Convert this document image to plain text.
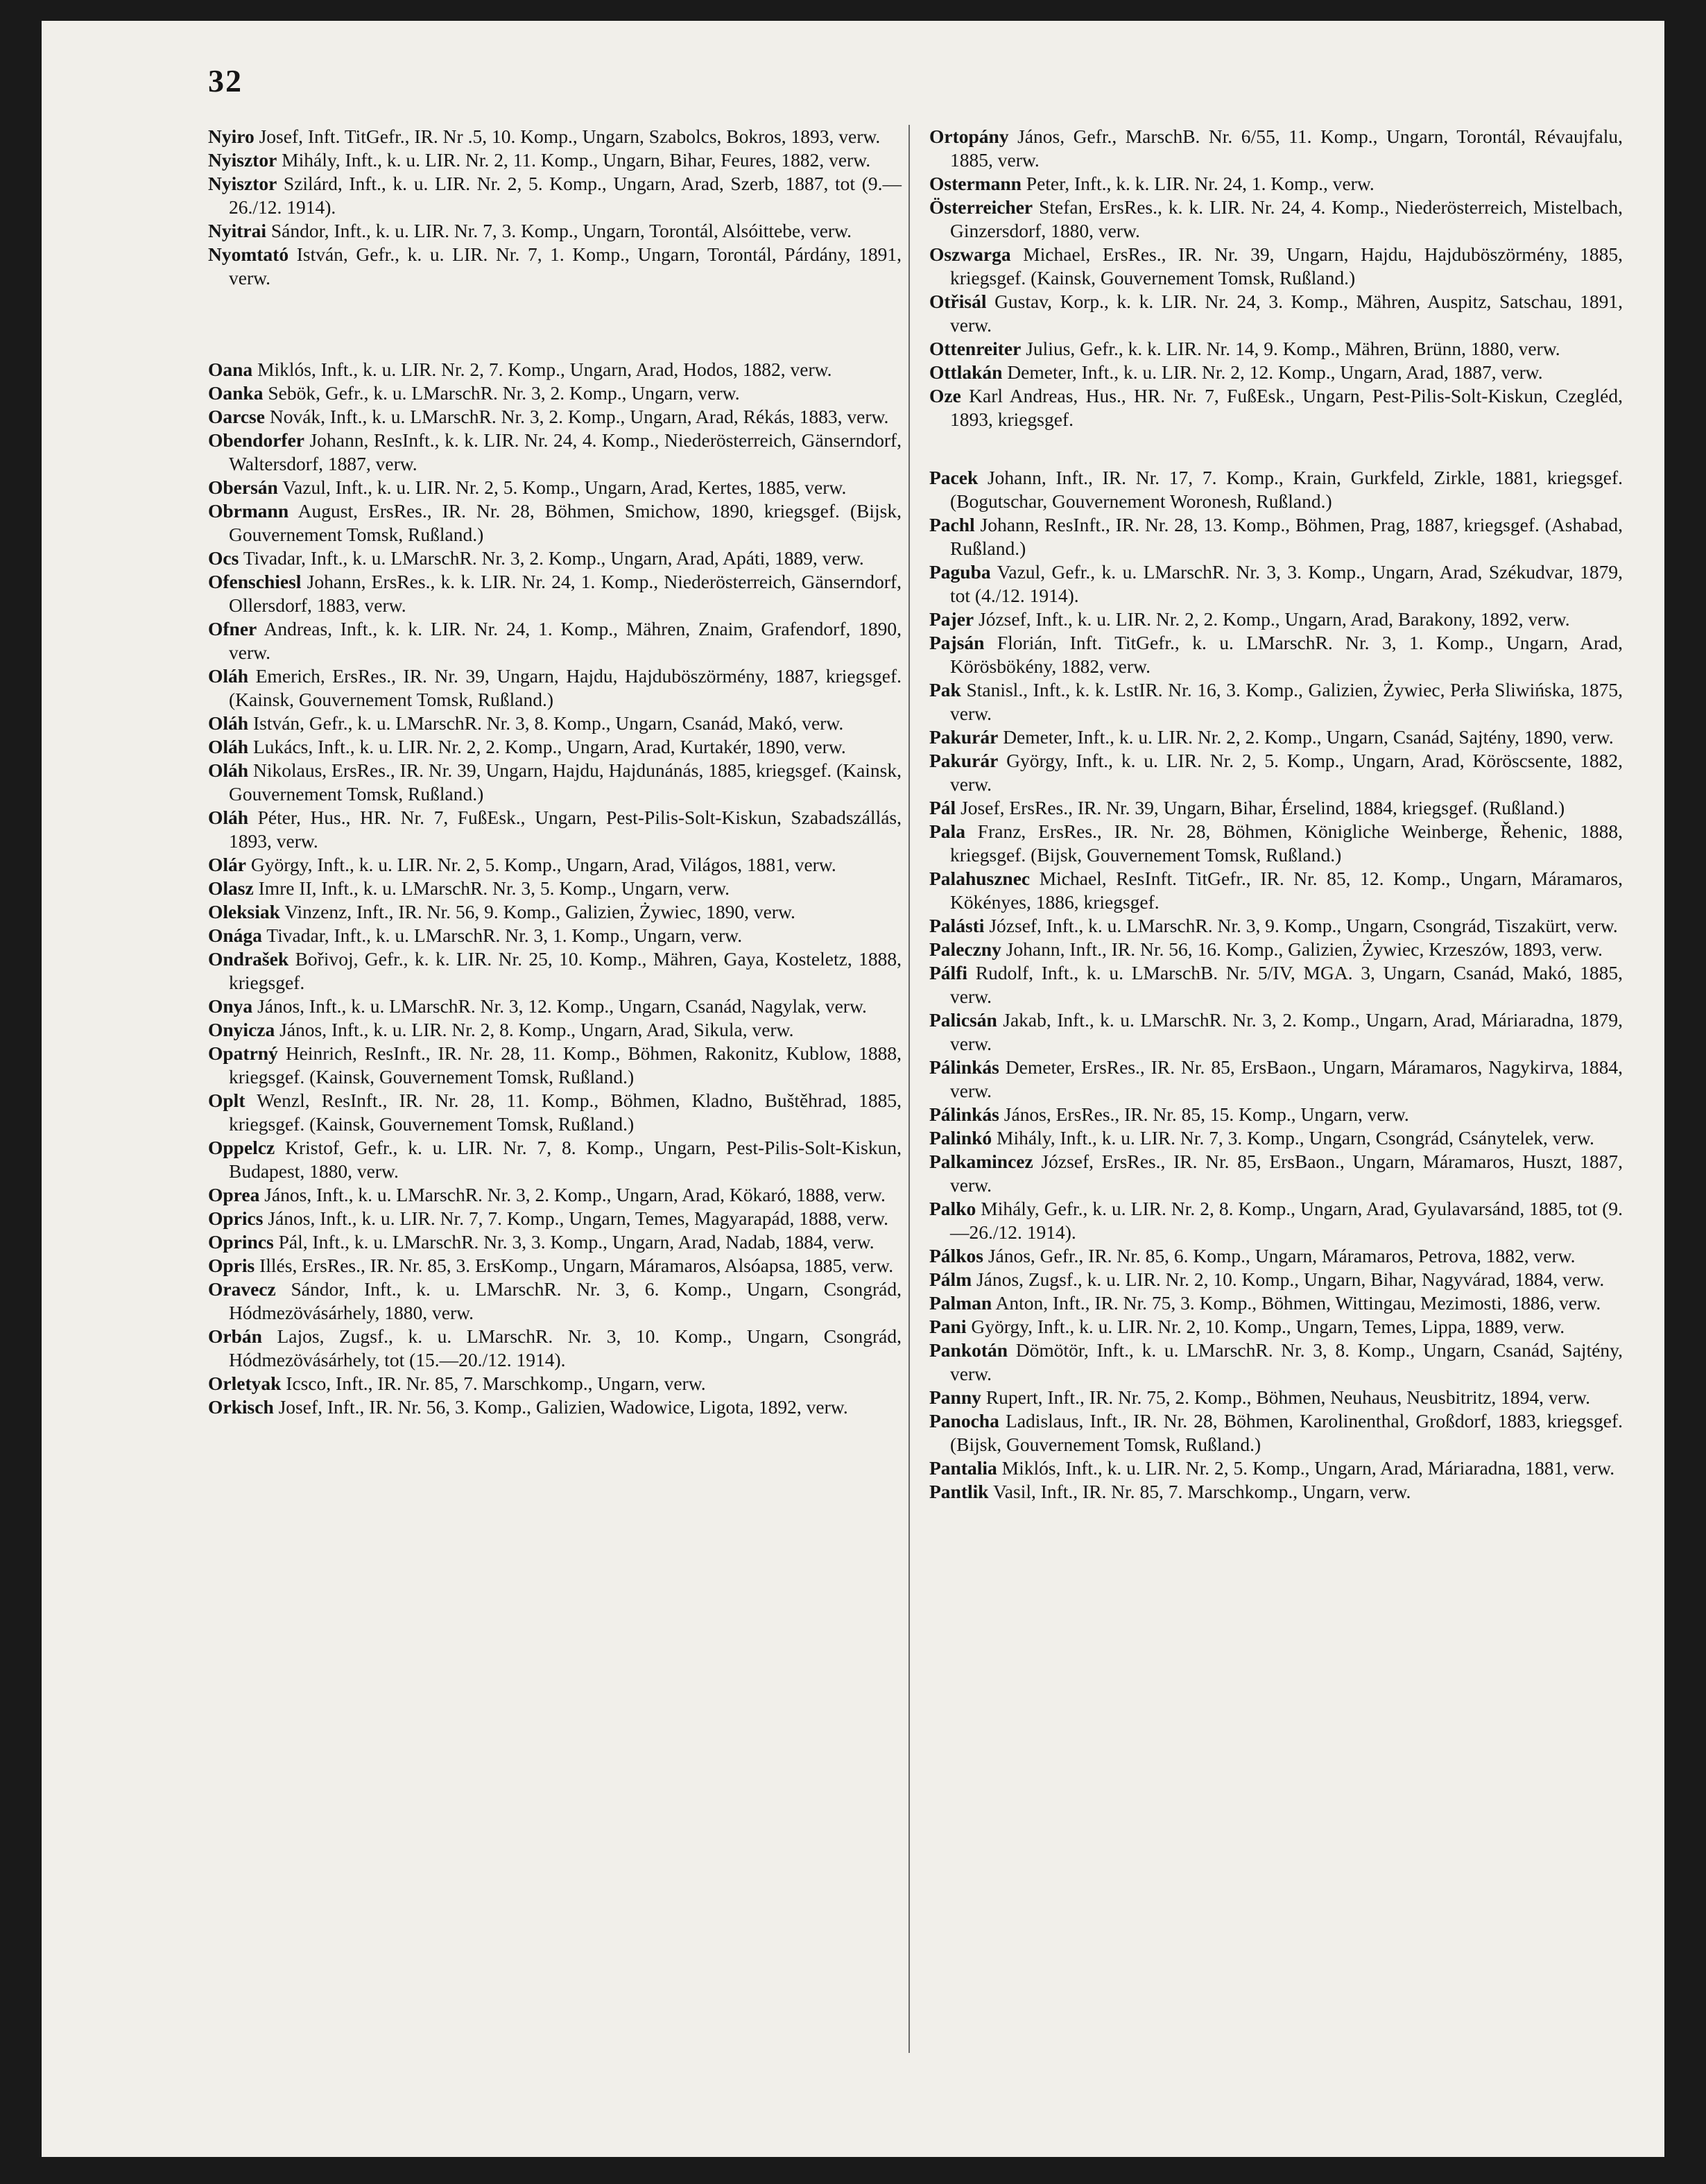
32

Nyiro Josef, Inft. TitGefr., IR. Nr .5, 10. Komp., Ungarn, Szabolcs, Bokros, 1893, verw.

Nyisztor Mihály, Inft., k. u. LIR. Nr. 2, 11. Komp., Ungarn, Bihar, Feures, 1882, verw.

Nyisztor Szilárd, Inft., k. u. LIR. Nr. 2, 5. Komp., Ungarn, Arad, Szerb, 1887, tot (9.—26./12. 1914).

Nyitrai Sándor, Inft., k. u. LIR. Nr. 7, 3. Komp., Ungarn, Torontál, Alsóittebe, verw.

Nyomtató István, Gefr., k. u. LIR. Nr. 7, 1. Komp., Ungarn, Torontál, Párdány, 1891, verw.

Oana Miklós, Inft., k. u. LIR. Nr. 2, 7. Komp., Ungarn, Arad, Hodos, 1882, verw.

Oanka Sebök, Gefr., k. u. LMarschR. Nr. 3, 2. Komp., Ungarn, verw.

Oarcse Novák, Inft., k. u. LMarschR. Nr. 3, 2. Komp., Ungarn, Arad, Rékás, 1883, verw.

Obendorfer Johann, ResInft., k. k. LIR. Nr. 24, 4. Komp., Niederösterreich, Gänserndorf, Waltersdorf, 1887, verw.

Obersán Vazul, Inft., k. u. LIR. Nr. 2, 5. Komp., Ungarn, Arad, Kertes, 1885, verw.

Obrmann August, ErsRes., IR. Nr. 28, Böhmen, Smichow, 1890, kriegsgef. (Bijsk, Gouvernement Tomsk, Rußland.)

Ocs Tivadar, Inft., k. u. LMarschR. Nr. 3, 2. Komp., Ungarn, Arad, Apáti, 1889, verw.

Ofenschiesl Johann, ErsRes., k. k. LIR. Nr. 24, 1. Komp., Niederösterreich, Gänserndorf, Ollersdorf, 1883, verw.

Ofner Andreas, Inft., k. k. LIR. Nr. 24, 1. Komp., Mähren, Znaim, Grafendorf, 1890, verw.

Oláh Emerich, ErsRes., IR. Nr. 39, Ungarn, Hajdu, Hajduböszörmény, 1887, kriegsgef. (Kainsk, Gouvernement Tomsk, Rußland.)

Oláh István, Gefr., k. u. LMarschR. Nr. 3, 8. Komp., Ungarn, Csanád, Makó, verw.

Oláh Lukács, Inft., k. u. LIR. Nr. 2, 2. Komp., Ungarn, Arad, Kurtakér, 1890, verw.

Oláh Nikolaus, ErsRes., IR. Nr. 39, Ungarn, Hajdu, Hajdunánás, 1885, kriegsgef. (Kainsk, Gouvernement Tomsk, Rußland.)

Oláh Péter, Hus., HR. Nr. 7, FußEsk., Ungarn, Pest-Pilis-Solt-Kiskun, Szabadszállás, 1893, verw.

Olár György, Inft., k. u. LIR. Nr. 2, 5. Komp., Ungarn, Arad, Világos, 1881, verw.

Olasz Imre II, Inft., k. u. LMarschR. Nr. 3, 5. Komp., Ungarn, verw.

Oleksiak Vinzenz, Inft., IR. Nr. 56, 9. Komp., Galizien, Żywiec, 1890, verw.

Onága Tivadar, Inft., k. u. LMarschR. Nr. 3, 1. Komp., Ungarn, verw.

Ondrašek Bořivoj, Gefr., k. k. LIR. Nr. 25, 10. Komp., Mähren, Gaya, Kosteletz, 1888, kriegsgef.

Onya János, Inft., k. u. LMarschR. Nr. 3, 12. Komp., Ungarn, Csanád, Nagylak, verw.

Onyicza János, Inft., k. u. LIR. Nr. 2, 8. Komp., Ungarn, Arad, Sikula, verw.

Opatrný Heinrich, ResInft., IR. Nr. 28, 11. Komp., Böhmen, Rakonitz, Kublow, 1888, kriegsgef. (Kainsk, Gouvernement Tomsk, Rußland.)

Oplt Wenzl, ResInft., IR. Nr. 28, 11. Komp., Böhmen, Kladno, Buštěhrad, 1885, kriegsgef. (Kainsk, Gouvernement Tomsk, Rußland.)

Oppelcz Kristof, Gefr., k. u. LIR. Nr. 7, 8. Komp., Ungarn, Pest-Pilis-Solt-Kiskun, Budapest, 1880, verw.

Oprea János, Inft., k. u. LMarschR. Nr. 3, 2. Komp., Ungarn, Arad, Kökaró, 1888, verw.

Oprics János, Inft., k. u. LIR. Nr. 7, 7. Komp., Ungarn, Temes, Magyarapád, 1888, verw.

Oprincs Pál, Inft., k. u. LMarschR. Nr. 3, 3. Komp., Ungarn, Arad, Nadab, 1884, verw.

Opris Illés, ErsRes., IR. Nr. 85, 3. ErsKomp., Ungarn, Máramaros, Alsóapsa, 1885, verw.

Oravecz Sándor, Inft., k. u. LMarschR. Nr. 3, 6. Komp., Ungarn, Csongrád, Hódmezövásárhely, 1880, verw.

Orbán Lajos, Zugsf., k. u. LMarschR. Nr. 3, 10. Komp., Ungarn, Csongrád, Hódmezövásárhely, tot (15.—20./12. 1914).

Orletyak Icsco, Inft., IR. Nr. 85, 7. Marschkomp., Ungarn, verw.

Orkisch Josef, Inft., IR. Nr. 56, 3. Komp., Galizien, Wadowice, Ligota, 1892, verw.

Ortopány János, Gefr., MarschB. Nr. 6/55, 11. Komp., Ungarn, Torontál, Révaujfalu, 1885, verw.

Ostermann Peter, Inft., k. k. LIR. Nr. 24, 1. Komp., verw.

Österreicher Stefan, ErsRes., k. k. LIR. Nr. 24, 4. Komp., Niederösterreich, Mistelbach, Ginzersdorf, 1880, verw.

Oszwarga Michael, ErsRes., IR. Nr. 39, Ungarn, Hajdu, Hajduböszörmény, 1885, kriegsgef. (Kainsk, Gouvernement Tomsk, Rußland.)

Otřisál Gustav, Korp., k. k. LIR. Nr. 24, 3. Komp., Mähren, Auspitz, Satschau, 1891, verw.

Ottenreiter Julius, Gefr., k. k. LIR. Nr. 14, 9. Komp., Mähren, Brünn, 1880, verw.

Ottlakán Demeter, Inft., k. u. LIR. Nr. 2, 12. Komp., Ungarn, Arad, 1887, verw.

Oze Karl Andreas, Hus., HR. Nr. 7, FußEsk., Ungarn, Pest-Pilis-Solt-Kiskun, Czegléd, 1893, kriegsgef.

Pacek Johann, Inft., IR. Nr. 17, 7. Komp., Krain, Gurkfeld, Zirkle, 1881, kriegsgef. (Bogutschar, Gouvernement Woronesh, Rußland.)

Pachl Johann, ResInft., IR. Nr. 28, 13. Komp., Böhmen, Prag, 1887, kriegsgef. (Ashabad, Rußland.)

Paguba Vazul, Gefr., k. u. LMarschR. Nr. 3, 3. Komp., Ungarn, Arad, Székudvar, 1879, tot (4./12. 1914).

Pajer József, Inft., k. u. LIR. Nr. 2, 2. Komp., Ungarn, Arad, Barakony, 1892, verw.

Pajsán Florián, Inft. TitGefr., k. u. LMarschR. Nr. 3, 1. Komp., Ungarn, Arad, Körösbökény, 1882, verw.

Pak Stanisl., Inft., k. k. LstIR. Nr. 16, 3. Komp., Galizien, Żywiec, Perła Sliwińska, 1875, verw.

Pakurár Demeter, Inft., k. u. LIR. Nr. 2, 2. Komp., Ungarn, Csanád, Sajtény, 1890, verw.

Pakurár György, Inft., k. u. LIR. Nr. 2, 5. Komp., Ungarn, Arad, Köröscsente, 1882, verw.

Pál Josef, ErsRes., IR. Nr. 39, Ungarn, Bihar, Érselind, 1884, kriegsgef. (Rußland.)

Pala Franz, ErsRes., IR. Nr. 28, Böhmen, Königliche Weinberge, Řehenic, 1888, kriegsgef. (Bijsk, Gouvernement Tomsk, Rußland.)

Palahusznec Michael, ResInft. TitGefr., IR. Nr. 85, 12. Komp., Ungarn, Máramaros, Kökényes, 1886, kriegsgef.

Palásti József, Inft., k. u. LMarschR. Nr. 3, 9. Komp., Ungarn, Csongrád, Tiszakürt, verw.

Paleczny Johann, Inft., IR. Nr. 56, 16. Komp., Galizien, Żywiec, Krzeszów, 1893, verw.

Pálfi Rudolf, Inft., k. u. LMarschB. Nr. 5/IV, MGA. 3, Ungarn, Csanád, Makó, 1885, verw.

Palicsán Jakab, Inft., k. u. LMarschR. Nr. 3, 2. Komp., Ungarn, Arad, Máriaradna, 1879, verw.

Pálinkás Demeter, ErsRes., IR. Nr. 85, ErsBaon., Ungarn, Máramaros, Nagykirva, 1884, verw.

Pálinkás János, ErsRes., IR. Nr. 85, 15. Komp., Ungarn, verw.

Palinkó Mihály, Inft., k. u. LIR. Nr. 7, 3. Komp., Ungarn, Csongrád, Csánytelek, verw.

Palkamincez József, ErsRes., IR. Nr. 85, ErsBaon., Ungarn, Máramaros, Huszt, 1887, verw.

Palko Mihály, Gefr., k. u. LIR. Nr. 2, 8. Komp., Ungarn, Arad, Gyulavarsánd, 1885, tot (9.—26./12. 1914).

Pálkos János, Gefr., IR. Nr. 85, 6. Komp., Ungarn, Máramaros, Petrova, 1882, verw.

Pálm János, Zugsf., k. u. LIR. Nr. 2, 10. Komp., Ungarn, Bihar, Nagyvárad, 1884, verw.

Palman Anton, Inft., IR. Nr. 75, 3. Komp., Böhmen, Wittingau, Mezimosti, 1886, verw.

Pani György, Inft., k. u. LIR. Nr. 2, 10. Komp., Ungarn, Temes, Lippa, 1889, verw.

Pankotán Dömötör, Inft., k. u. LMarschR. Nr. 3, 8. Komp., Ungarn, Csanád, Sajtény, verw.

Panny Rupert, Inft., IR. Nr. 75, 2. Komp., Böhmen, Neuhaus, Neusbitritz, 1894, verw.

Panocha Ladislaus, Inft., IR. Nr. 28, Böhmen, Karolinenthal, Großdorf, 1883, kriegsgef. (Bijsk, Gouvernement Tomsk, Rußland.)

Pantalia Miklós, Inft., k. u. LIR. Nr. 2, 5. Komp., Ungarn, Arad, Máriaradna, 1881, verw.

Pantlik Vasil, Inft., IR. Nr. 85, 7. Marschkomp., Ungarn, verw.
